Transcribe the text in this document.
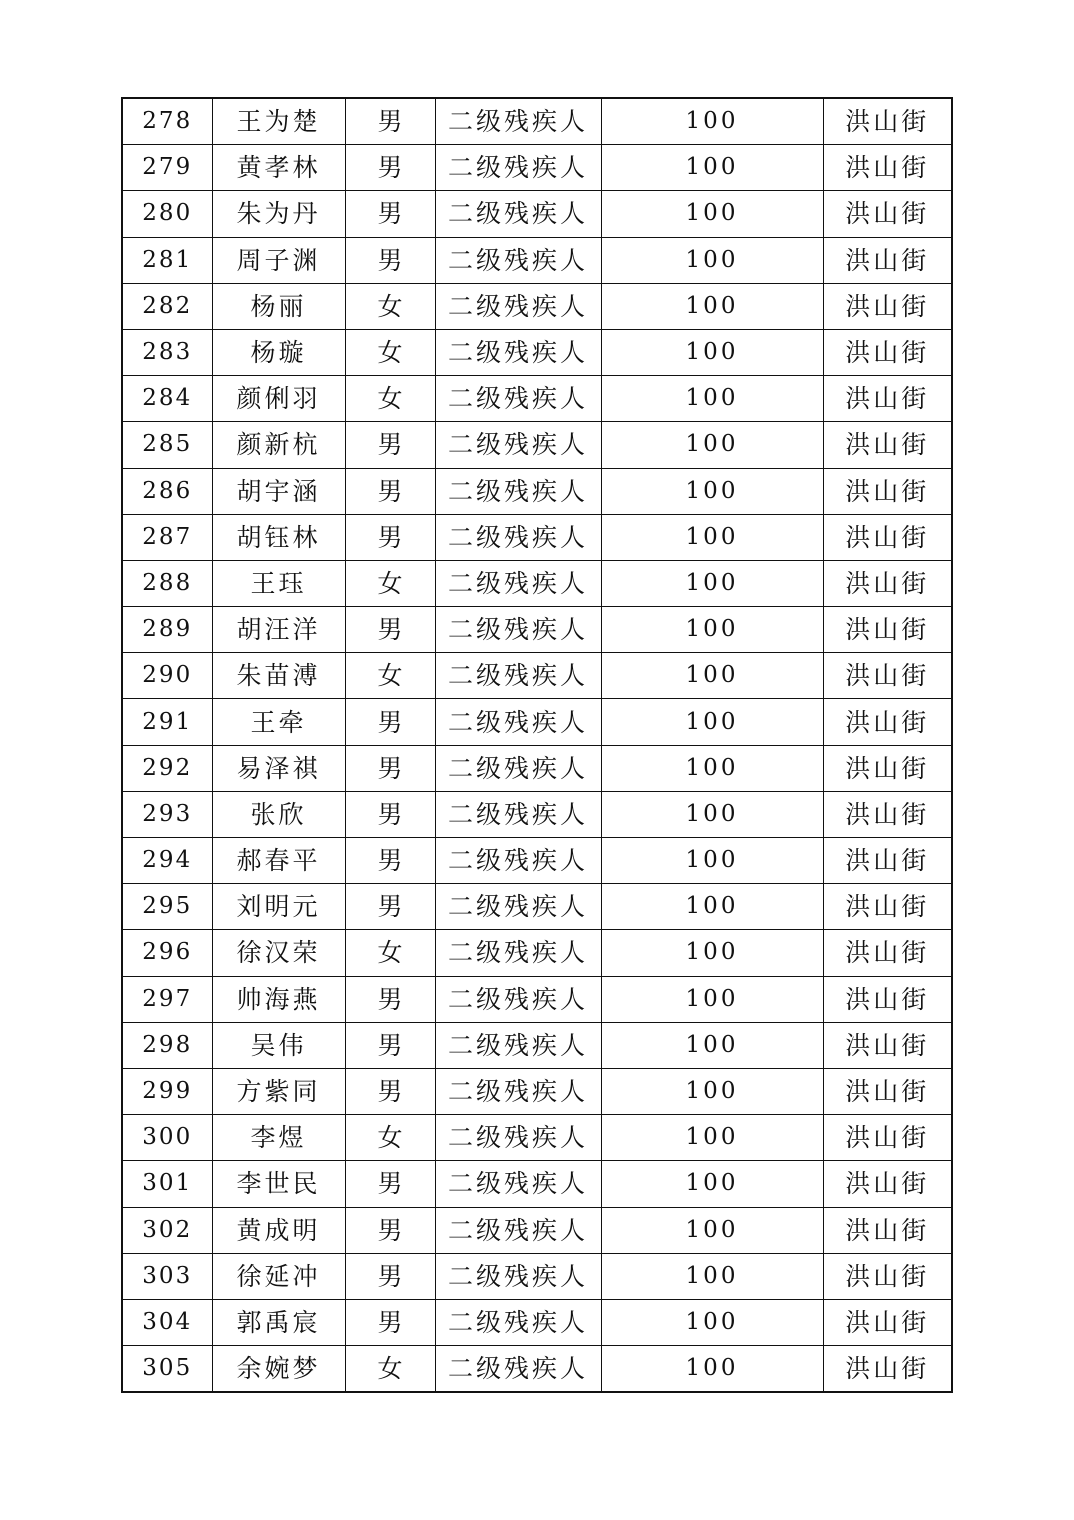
278	王为楚	男	二级残疾人	100	洪山街
279	黄孝林	男	二级残疾人	100	洪山街
280	朱为丹	男	二级残疾人	100	洪山街
281	周子渊	男	二级残疾人	100	洪山街
282	杨丽	女	二级残疾人	100	洪山街
283	杨璇	女	二级残疾人	100	洪山街
284	颜俐羽	女	二级残疾人	100	洪山街
285	颜新杭	男	二级残疾人	100	洪山街
286	胡宇涵	男	二级残疾人	100	洪山街
287	胡钰林	男	二级残疾人	100	洪山街
288	王珏	女	二级残疾人	100	洪山街
289	胡汪洋	男	二级残疾人	100	洪山街
290	朱苗溥	女	二级残疾人	100	洪山街
291	王牵	男	二级残疾人	100	洪山街
292	易泽祺	男	二级残疾人	100	洪山街
293	张欣	男	二级残疾人	100	洪山街
294	郝春平	男	二级残疾人	100	洪山街
295	刘明元	男	二级残疾人	100	洪山街
296	徐汉荣	女	二级残疾人	100	洪山街
297	帅海燕	男	二级残疾人	100	洪山街
298	吴伟	男	二级残疾人	100	洪山街
299	方紫同	男	二级残疾人	100	洪山街
300	李煜	女	二级残疾人	100	洪山街
301	李世民	男	二级残疾人	100	洪山街
302	黄成明	男	二级残疾人	100	洪山街
303	徐延冲	男	二级残疾人	100	洪山街
304	郭禹宸	男	二级残疾人	100	洪山街
305	余婉梦	女	二级残疾人	100	洪山街
